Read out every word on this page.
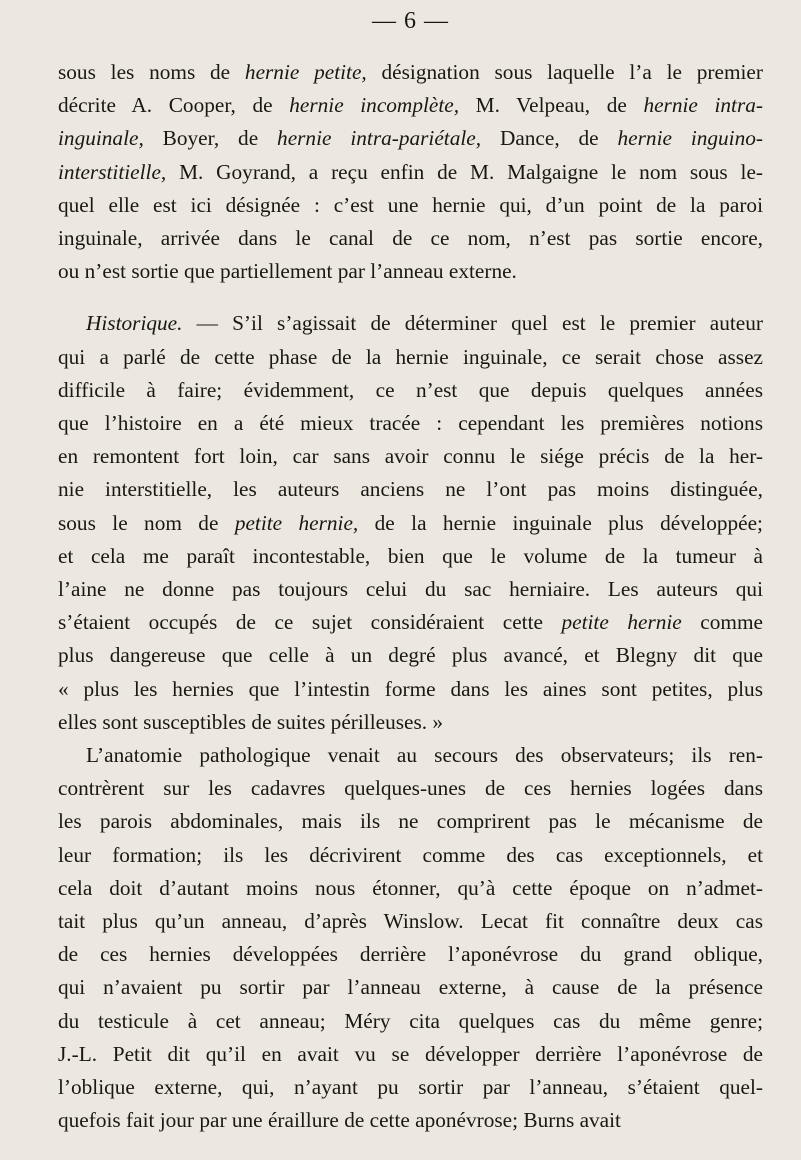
— 6 —
sous les noms de hernie petite, désignation sous laquelle l’a le premier
décrite A. Cooper, de hernie incomplète, M. Velpeau, de hernie intra-
inguinale, Boyer, de hernie intra-pariétale, Dance, de hernie inguino-
interstitielle, M. Goyrand, a reçu enfin de M. Malgaigne le nom sous le-
quel elle est ici désignée : c’est une hernie qui, d’un point de la paroi
inguinale, arrivée dans le canal de ce nom, n’est pas sortie encore,
ou n’est sortie que partiellement par l’anneau externe.
Historique. — S’il s’agissait de déterminer quel est le premier auteur
qui a parlé de cette phase de la hernie inguinale, ce serait chose assez
difficile à faire; évidemment, ce n’est que depuis quelques années
que l’histoire en a été mieux tracée : cependant les premières notions
en remontent fort loin, car sans avoir connu le siége précis de la her-
nie interstitielle, les auteurs anciens ne l’ont pas moins distinguée,
sous le nom de petite hernie, de la hernie inguinale plus développée;
et cela me paraît incontestable, bien que le volume de la tumeur à
l’aine ne donne pas toujours celui du sac herniaire. Les auteurs qui
s’étaient occupés de ce sujet considéraient cette petite hernie comme
plus dangereuse que celle à un degré plus avancé, et Blegny dit que
« plus les hernies que l’intestin forme dans les aines sont petites, plus
elles sont susceptibles de suites périlleuses. »
L’anatomie pathologique venait au secours des observateurs; ils ren-
contrèrent sur les cadavres quelques-unes de ces hernies logées dans
les parois abdominales, mais ils ne comprirent pas le mécanisme de
leur formation; ils les décrivirent comme des cas exceptionnels, et
cela doit d’autant moins nous étonner, qu’à cette époque on n’admet-
tait plus qu’un anneau, d’après Winslow. Lecat fit connaître deux cas
de ces hernies développées derrière l’aponévrose du grand oblique,
qui n’avaient pu sortir par l’anneau externe, à cause de la présence
du testicule à cet anneau; Méry cita quelques cas du même genre;
J.-L. Petit dit qu’il en avait vu se développer derrière l’aponévrose de
l’oblique externe, qui, n’ayant pu sortir par l’anneau, s’étaient quel-
quefois fait jour par une éraillure de cette aponévrose; Burns avait
